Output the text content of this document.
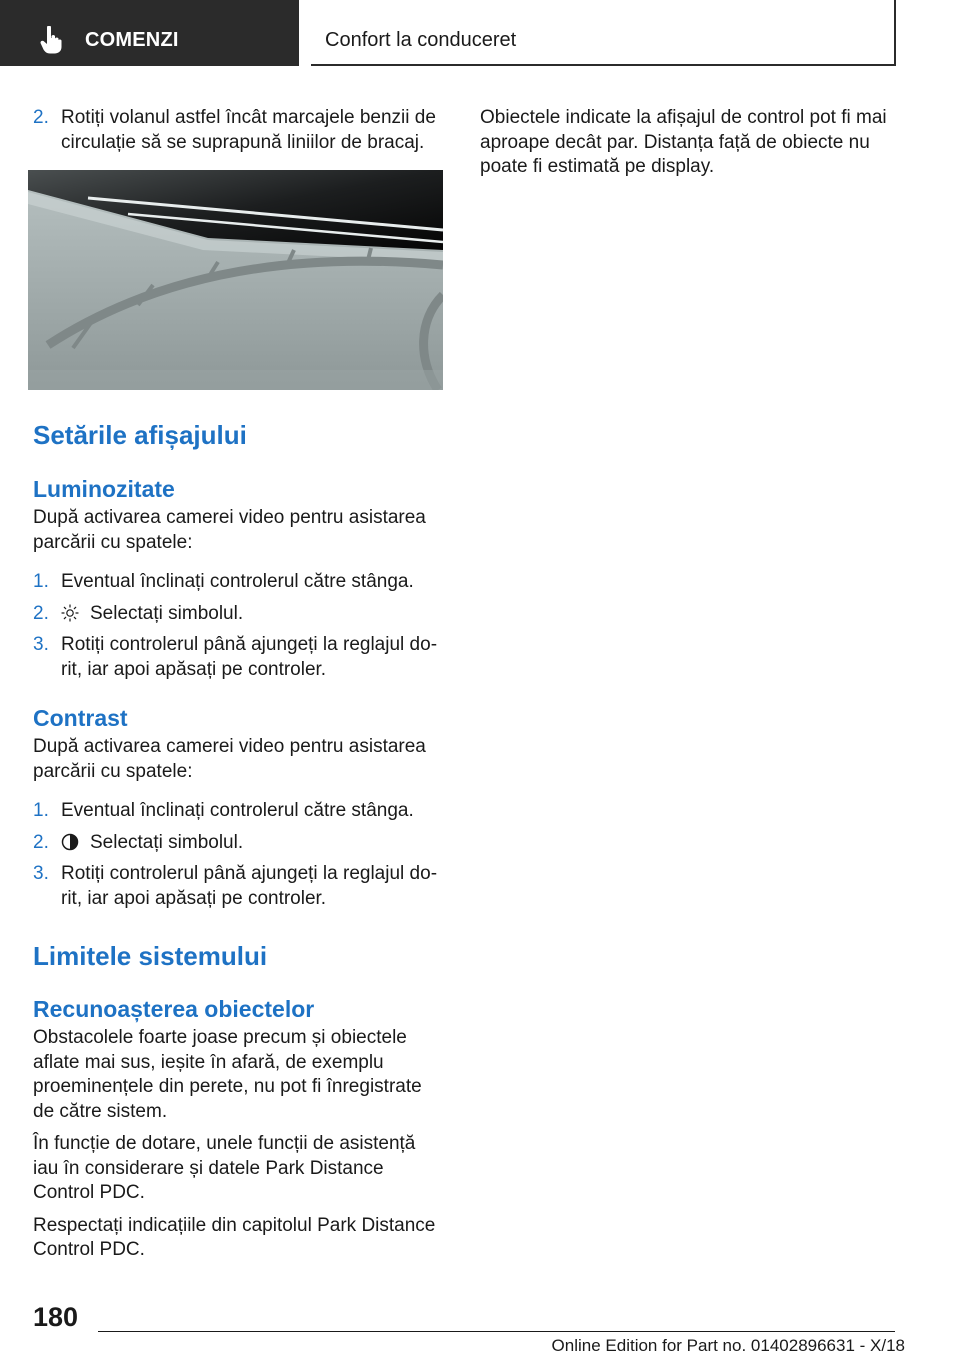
COMENZI	Confort la conduceret
2. Rotiți volanul astfel încât marcajele benzii de circulație să se suprapună liniilor de bracaj.
Setările afișajului
Luminozitate
După activarea camerei video pentru asistarea parcării cu spatele:
1. Eventual înclinați controlerul către stânga.
2. Selectați simbolul.
3. Rotiți controlerul până ajungeți la reglajul dorit, iar apoi apăsați pe controler.
Contrast
După activarea camerei video pentru asistarea parcării cu spatele:
1. Eventual înclinați controlerul către stânga.
2. Selectați simbolul.
3. Rotiți controlerul până ajungeți la reglajul dorit, iar apoi apăsați pe controler.
Limitele sistemului
Recunoașterea obiectelor
Obstacolele foarte joase precum și obiectele aflate mai sus, ieșite în afară, de exemplu proeminențele din perete, nu pot fi înregistrate de către sistem.
În funcție de dotare, unele funcții de asistență iau în considerare și datele Park Distance Control PDC.
Respectați indicațiile din capitolul Park Distance Control PDC.
Obiectele indicate la afișajul de control pot fi mai aproape decât par. Distanța față de obiecte nu poate fi estimată pe display.
180
Online Edition for Part no. 01402896631 - X/18
